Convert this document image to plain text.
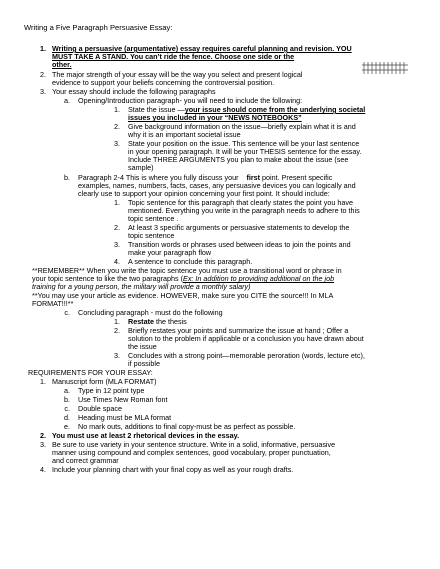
Writing a Five Paragraph Persuasive Essay:
1. Writing a persuasive (argumentative) essay requires careful planning and revision. YOU
MUST TAKE A STAND. You can’t ride the fence. Choose one side or the
other.
2. The major strength of your essay will be the way you select and present logical
evidence to support your beliefs concerning the controversial position.
3. Your essay should include the following paragraphs
a. Opening/Introduction paragraph- you will need to include the following:
1. State the issue —your issue should come from the underlying societal
issues you included in your “NEWS NOTEBOOKS”
2. Give background information on the issue—briefly explain what it is and
why it is an important societal issue
3. State your position on the issue. This sentence will be your last sentence
in your opening paragraph. It will be your THESIS sentence for the essay.
Include THREE ARGUMENTS you plan to make about the issue (see
sample)
b. Paragraph 2-4 This is where you fully discuss your first point. Present specific
examples, names, numbers, facts, cases, any persuasive devices you can logically and
clearly use to support your opinion concerning your first point. It should include:
1. Topic sentence for this paragraph that clearly states the point you have
mentioned. Everything you write in the paragraph needs to adhere to this
topic sentence .
2. At least 3 specific arguments or persuasive statements to develop the
topic sentence
3. Transition words or phrases used between ideas to join the points and
make your paragraph flow
4. A sentence to conclude this paragraph.
**REMEMBER** When you write the topic sentence you must use a transitional word or phrase in
your topic sentence to like the two paragraphs (Ex: In addition to providing additional on the job
training for a young person, the military will provide a monthly salary)
**You may use your article as evidence. HOWEVER, make sure you CITE the source!!! In MLA
FORMAT!!!**
c. Concluding paragraph - must do the following
1. Restate the thesis
2. Briefly restates your points and summarize the issue at hand ; Offer a
solution to the problem if applicable or a conclusion you have drawn about
the issue
3. Concludes with a strong point—memorable peroration (words, lecture etc),
if possible
REQUIREMENTS FOR YOUR ESSAY:
1. Manuscript form (MLA FORMAT)
a. Type in 12 point type
b. Use Times New Roman font
c. Double space
d. Heading must be MLA format
e. No mark outs, additions to final copy-must be as perfect as possible.
2. You must use at least 2 rhetorical devices in the essay.
3. Be sure to use variety in your sentence structure. Write in a solid, informative, persuasive
manner using compound and complex sentences, good vocabulary, proper punctuation,
and correct grammar
4. Include your planning chart with your final copy as well as your rough drafts.
